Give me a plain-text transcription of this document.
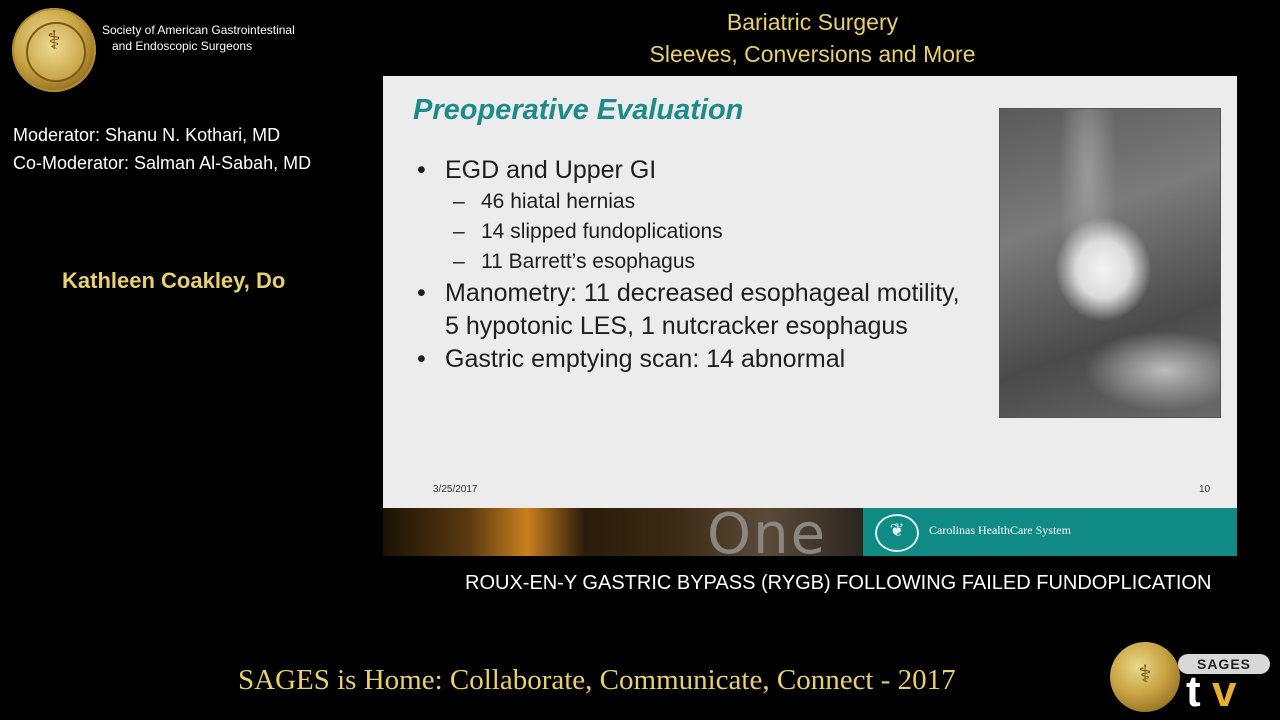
⚕	Society of American Gastrointestinal
and Endoscopic Surgeons
Bariatric Surgery
Sleeves, Conversions and More
Moderator: Shanu N. Kothari, MD
Co-Moderator: Salman Al-Sabah, MD
Kathleen Coakley, Do
Preoperative Evaluation
• EGD and Upper GI
– 46 hiatal hernias
– 14 slipped fundoplications
– 11 Barrett’s esophagus
• Manometry: 11 decreased esophageal motility, 5 hypotonic LES, 1 nutcracker esophagus
• Gastric emptying scan: 14 abnormal
3/25/2017	10
One	❦	Carolinas HealthCare System
ROUX-EN-Y GASTRIC BYPASS (RYGB) FOLLOWING FAILED FUNDOPLICATION
SAGES is Home: Collaborate, Communicate, Connect - 2017	⚕	SAGES
t v
